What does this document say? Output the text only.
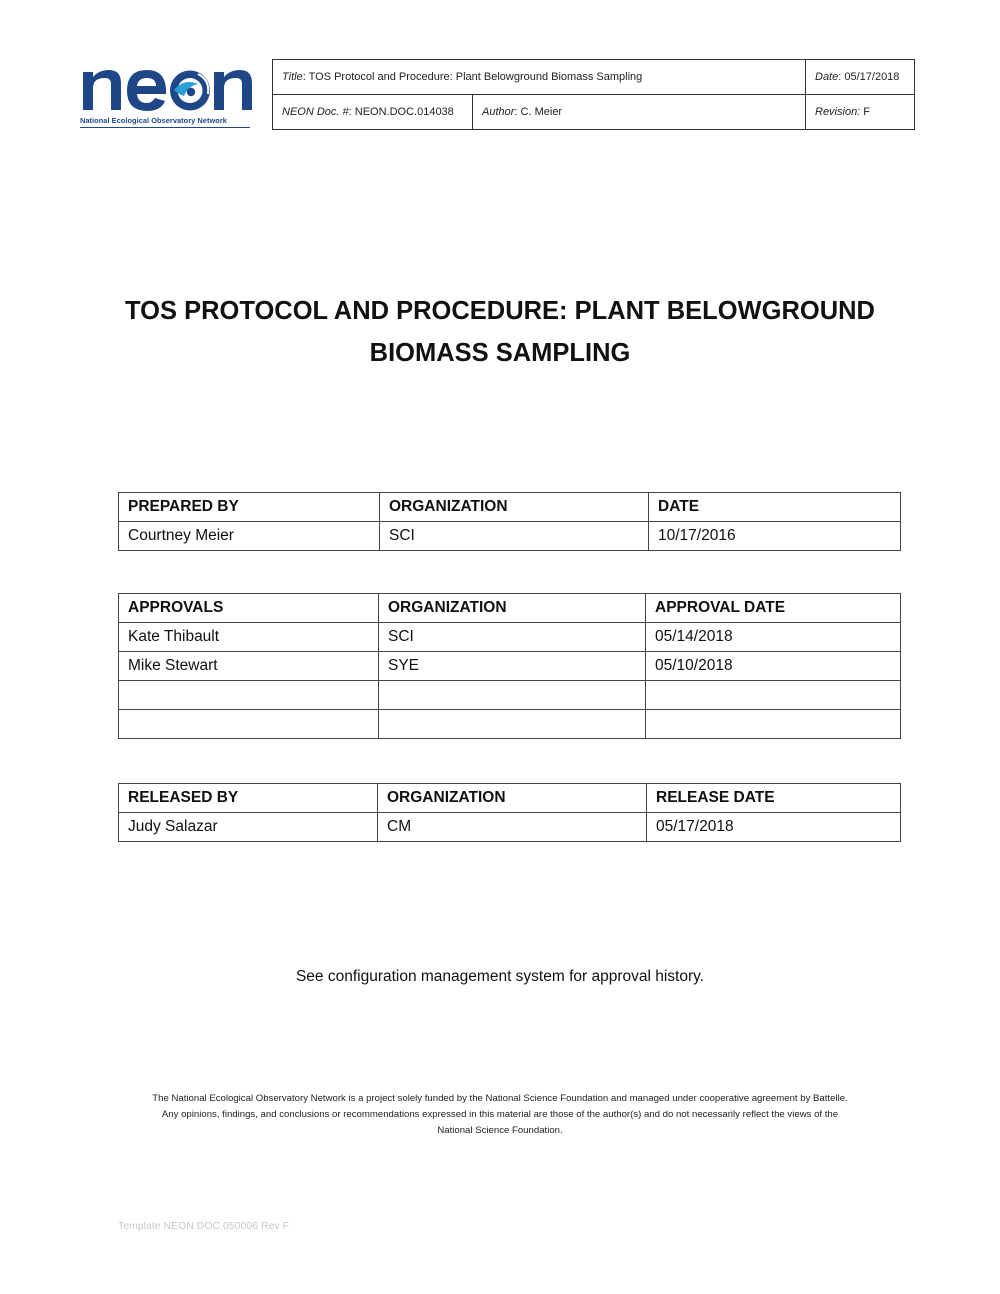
National Ecological Observatory Network
Title: TOS Protocol and Procedure: Plant Belowground Biomass Sampling		Date: 05/17/2018
NEON Doc. #: NEON.DOC.014038	Author: C. Meier	Revision: F
TOS PROTOCOL AND PROCEDURE: PLANT BELOWGROUND
BIOMASS SAMPLING
PREPARED BY	ORGANIZATION	DATE
Courtney Meier	SCI	10/17/2016
APPROVALS	ORGANIZATION	APPROVAL DATE
Kate Thibault	SCI	05/14/2018
Mike Stewart	SYE	05/10/2018

RELEASED BY	ORGANIZATION	RELEASE DATE
Judy Salazar	CM	05/17/2018
See configuration management system for approval history.
The National Ecological Observatory Network is a project solely funded by the National Science Foundation and managed under cooperative agreement by Battelle.
Any opinions, findings, and conclusions or recommendations expressed in this material are those of the author(s) and do not necessarily reflect the views of the
National Science Foundation.
Template NEON.DOC.050006 Rev F
